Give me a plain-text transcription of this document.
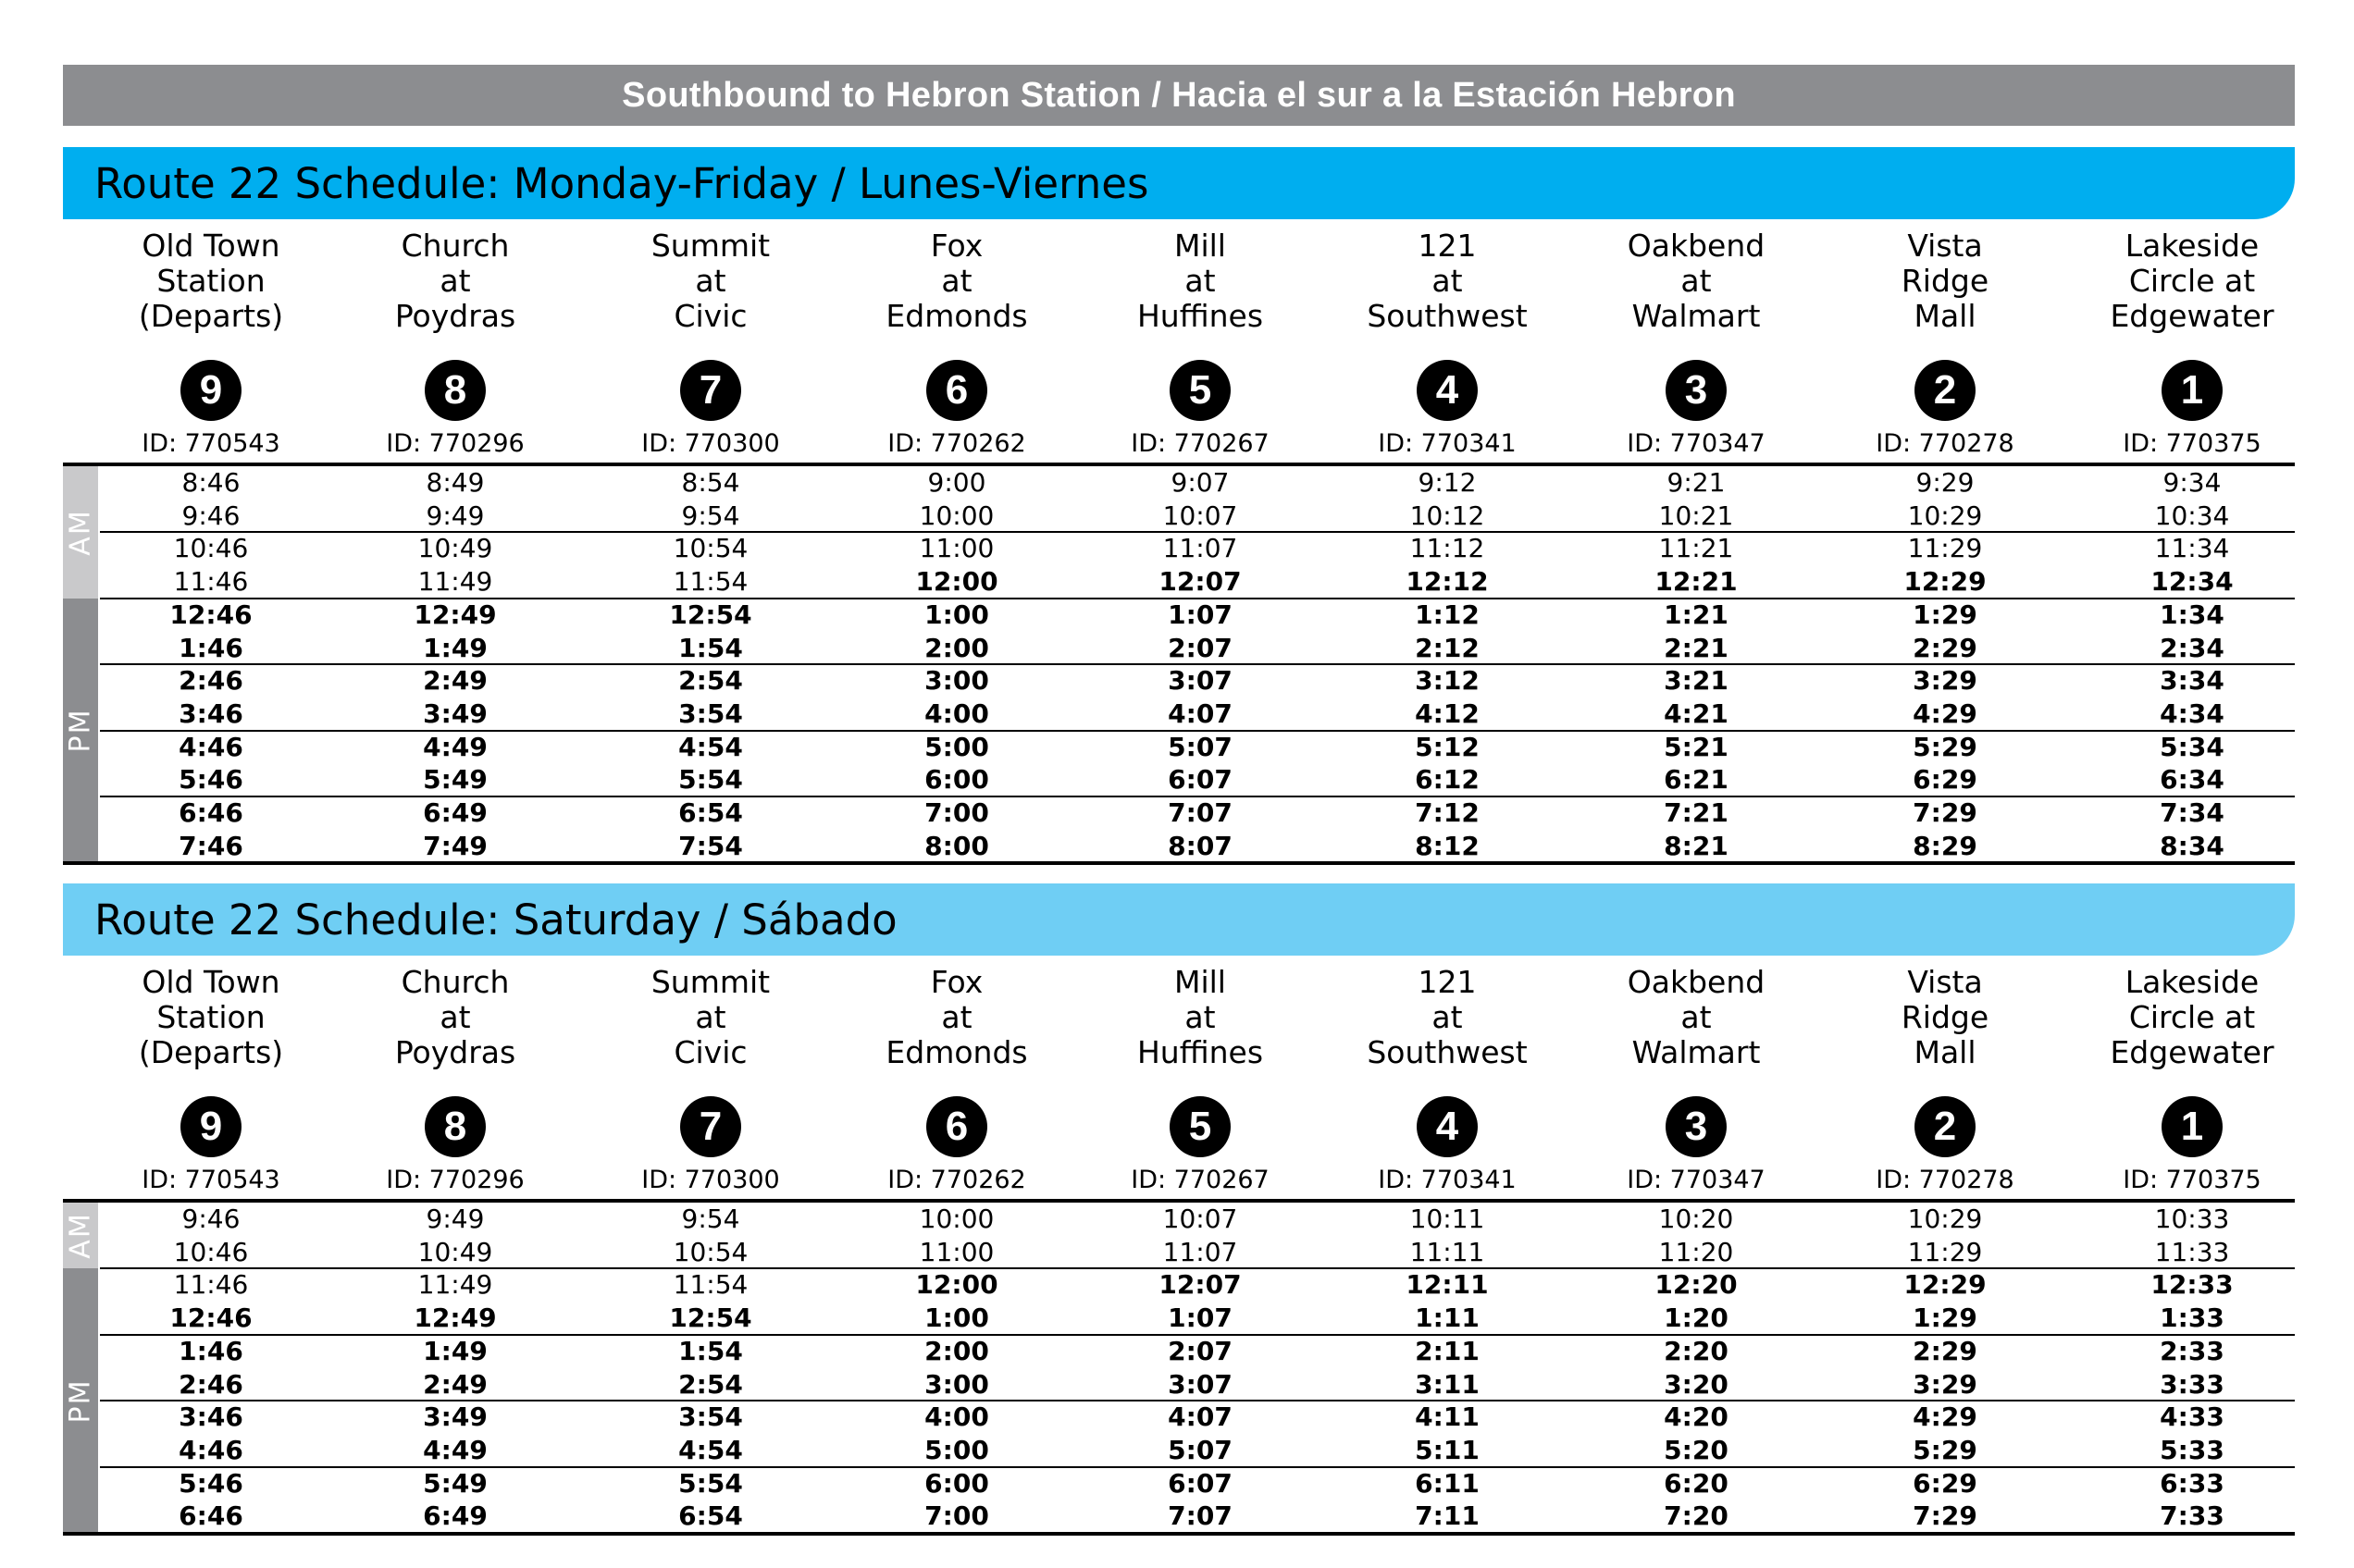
Southbound to Hebron Station / Hacia el sur a la Estación Hebron
Route 22 Schedule: Monday-Friday / Lunes-Viernes
Old Town
Station
(Departs)
9
ID: 770543
Church
at
Poydras
8
ID: 770296
Summit
at
Civic
7
ID: 770300
Fox
at
Edmonds
6
ID: 770262
Mill
at
Huffines
5
ID: 770267
121
at
Southwest
4
ID: 770341
Oakbend
at
Walmart
3
ID: 770347
Vista
Ridge
Mall
2
ID: 770278
Lakeside
Circle at
Edgewater
1
ID: 770375
AM
PM
8:46	8:49	8:54	9:00	9:07	9:12	9:21	9:29	9:34
9:46	9:49	9:54	10:00	10:07	10:12	10:21	10:29	10:34
10:46	10:49	10:54	11:00	11:07	11:12	11:21	11:29	11:34
11:46	11:49	11:54	12:00	12:07	12:12	12:21	12:29	12:34
12:46	12:49	12:54	1:00	1:07	1:12	1:21	1:29	1:34
1:46	1:49	1:54	2:00	2:07	2:12	2:21	2:29	2:34
2:46	2:49	2:54	3:00	3:07	3:12	3:21	3:29	3:34
3:46	3:49	3:54	4:00	4:07	4:12	4:21	4:29	4:34
4:46	4:49	4:54	5:00	5:07	5:12	5:21	5:29	5:34
5:46	5:49	5:54	6:00	6:07	6:12	6:21	6:29	6:34
6:46	6:49	6:54	7:00	7:07	7:12	7:21	7:29	7:34
7:46	7:49	7:54	8:00	8:07	8:12	8:21	8:29	8:34
Route 22 Schedule: Saturday / Sábado
Old Town
Station
(Departs)
9
ID: 770543
Church
at
Poydras
8
ID: 770296
Summit
at
Civic
7
ID: 770300
Fox
at
Edmonds
6
ID: 770262
Mill
at
Huffines
5
ID: 770267
121
at
Southwest
4
ID: 770341
Oakbend
at
Walmart
3
ID: 770347
Vista
Ridge
Mall
2
ID: 770278
Lakeside
Circle at
Edgewater
1
ID: 770375
AM
PM
9:46	9:49	9:54	10:00	10:07	10:11	10:20	10:29	10:33
10:46	10:49	10:54	11:00	11:07	11:11	11:20	11:29	11:33
11:46	11:49	11:54	12:00	12:07	12:11	12:20	12:29	12:33
12:46	12:49	12:54	1:00	1:07	1:11	1:20	1:29	1:33
1:46	1:49	1:54	2:00	2:07	2:11	2:20	2:29	2:33
2:46	2:49	2:54	3:00	3:07	3:11	3:20	3:29	3:33
3:46	3:49	3:54	4:00	4:07	4:11	4:20	4:29	4:33
4:46	4:49	4:54	5:00	5:07	5:11	5:20	5:29	5:33
5:46	5:49	5:54	6:00	6:07	6:11	6:20	6:29	6:33
6:46	6:49	6:54	7:00	7:07	7:11	7:20	7:29	7:33
